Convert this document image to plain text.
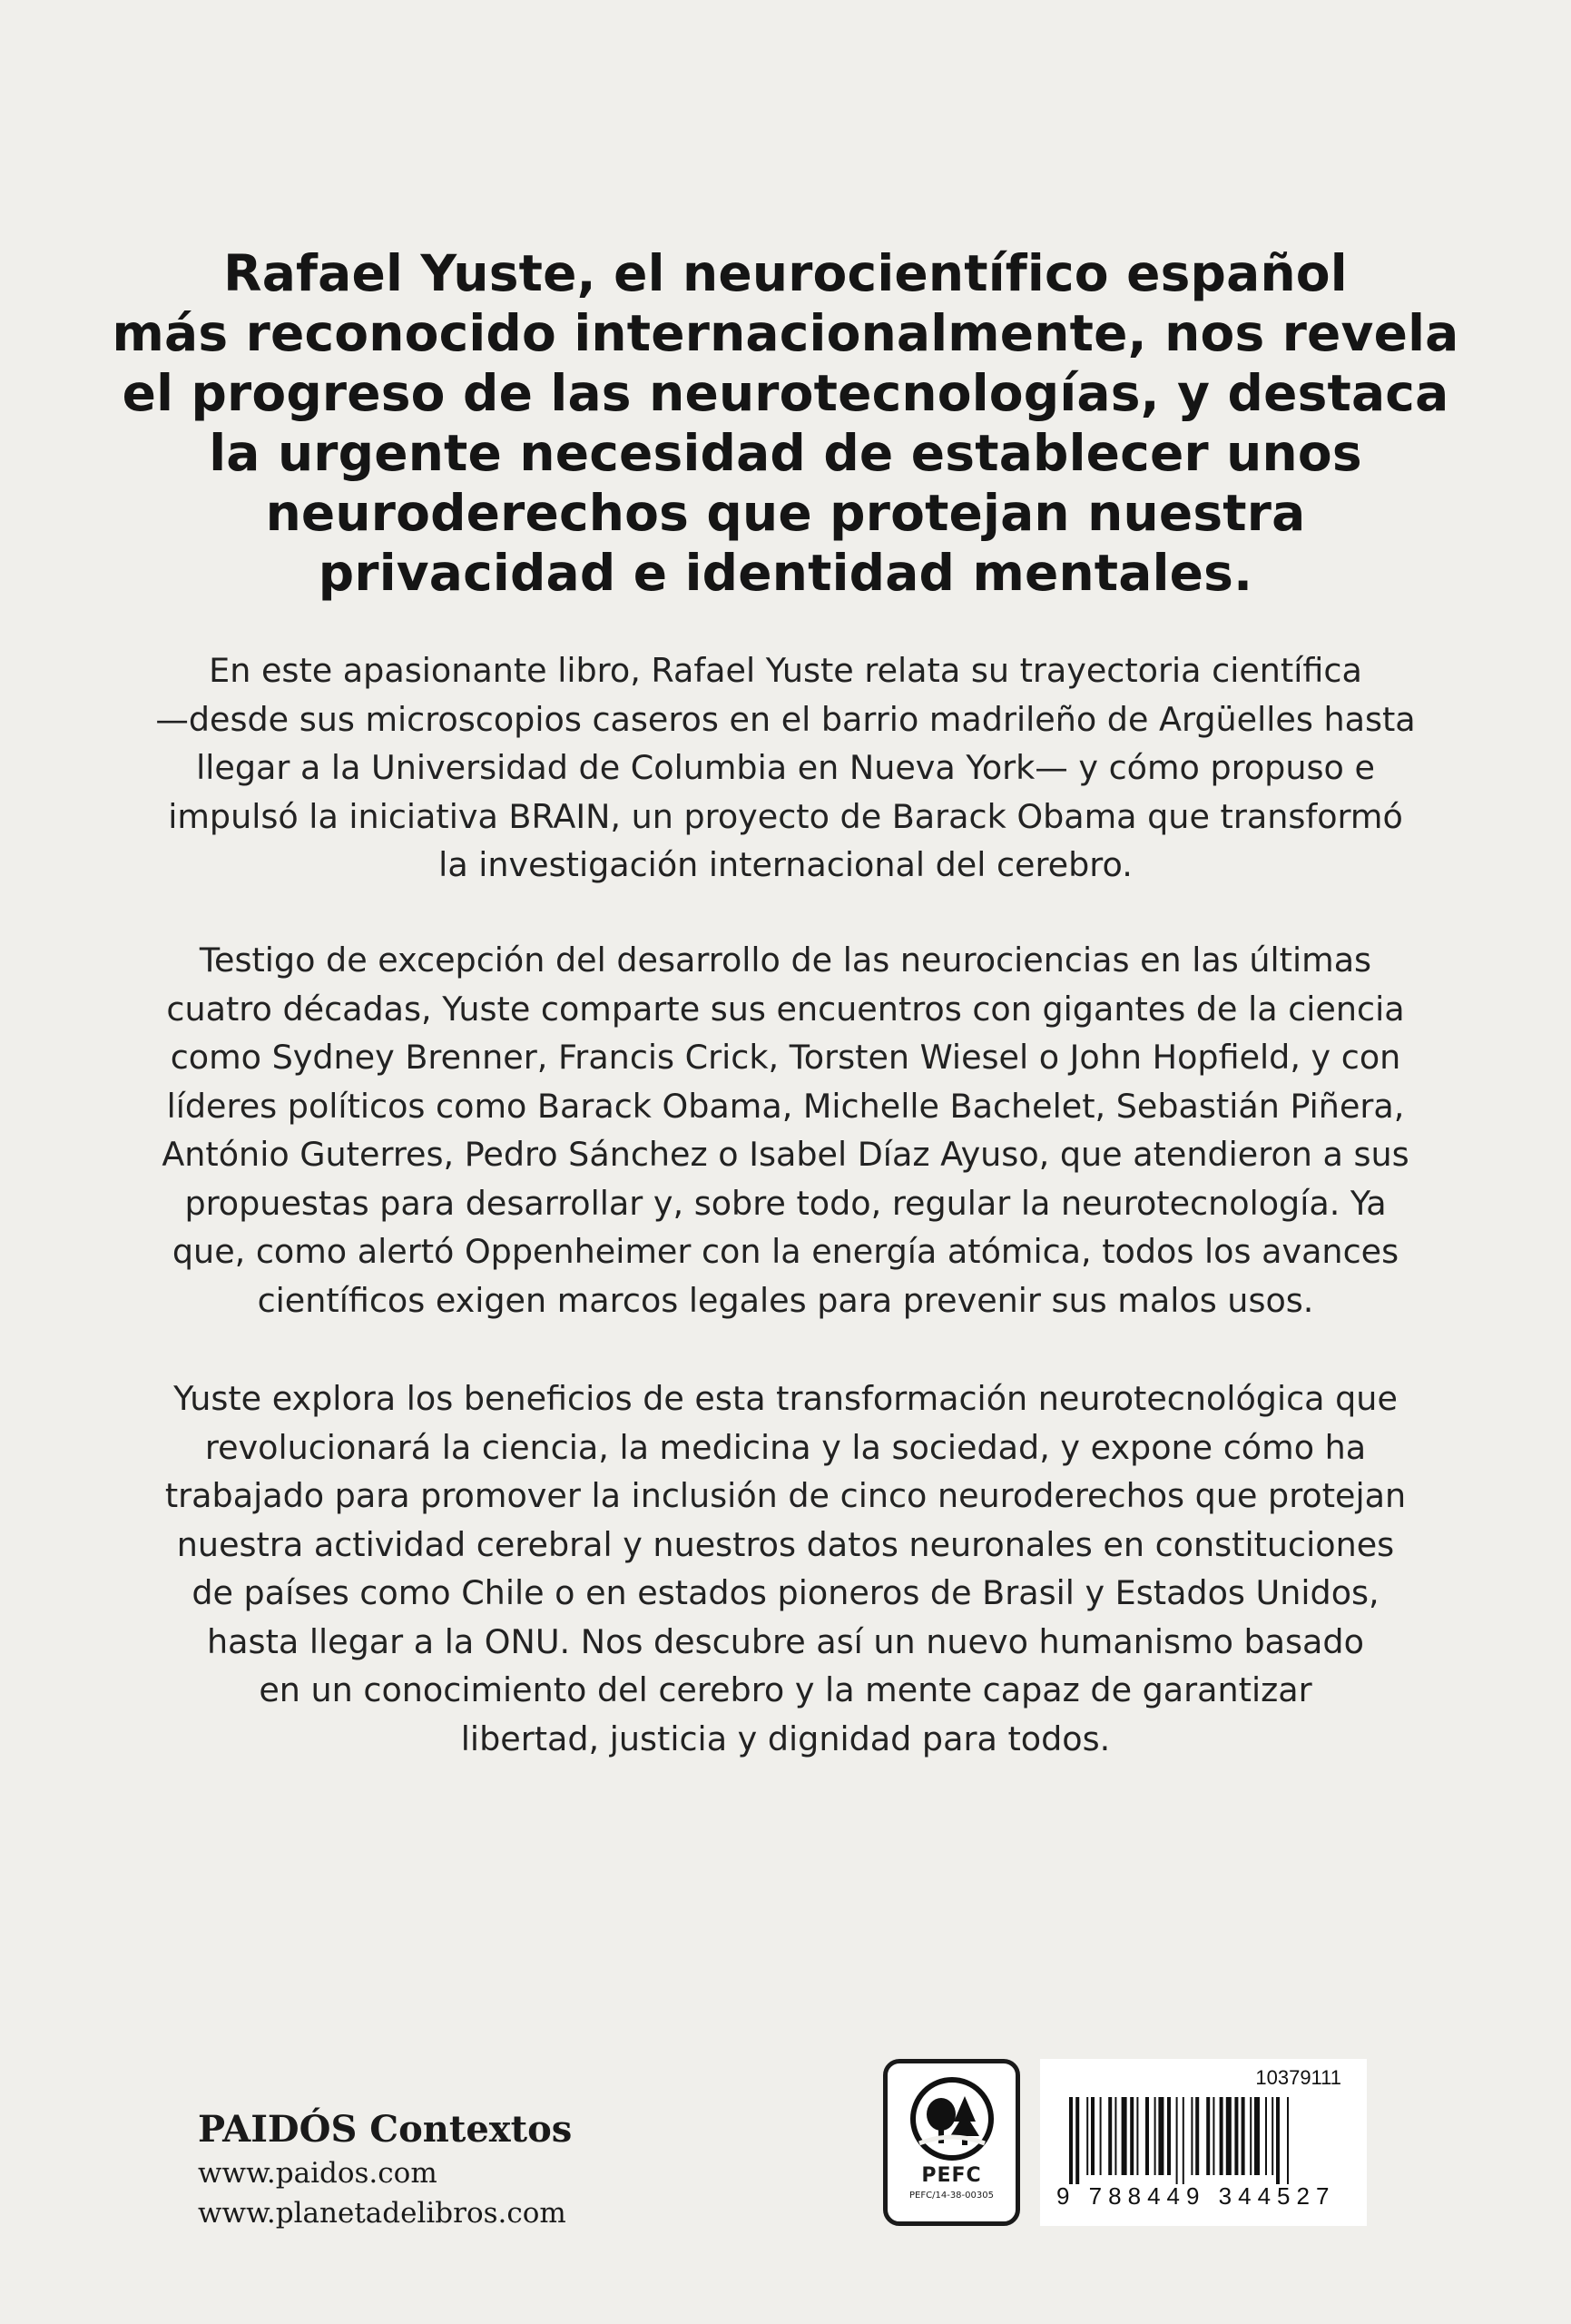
Rafael Yuste, el neurocientífico español
más reconocido internacionalmente, nos revela
el progreso de las neurotecnologías, y destaca
la urgente necesidad de establecer unos
neuroderechos que protejan nuestra
privacidad e identidad mentales.
En este apasionante libro, Rafael Yuste relata su trayectoria científica
—desde sus microscopios caseros en el barrio madrileño de Argüelles hasta
llegar a la Universidad de Columbia en Nueva York— y cómo propuso e
impulsó la iniciativa BRAIN, un proyecto de Barack Obama que transformó
la investigación internacional del cerebro.
Testigo de excepción del desarrollo de las neurociencias en las últimas
cuatro décadas, Yuste comparte sus encuentros con gigantes de la ciencia
como Sydney Brenner, Francis Crick, Torsten Wiesel o John Hopfield, y con
líderes políticos como Barack Obama, Michelle Bachelet, Sebastián Piñera,
António Guterres, Pedro Sánchez o Isabel Díaz Ayuso, que atendieron a sus
propuestas para desarrollar y, sobre todo, regular la neurotecnología. Ya
que, como alertó Oppenheimer con la energía atómica, todos los avances
científicos exigen marcos legales para prevenir sus malos usos.
Yuste explora los beneficios de esta transformación neurotecnológica que
revolucionará la ciencia, la medicina y la sociedad, y expone cómo ha
trabajado para promover la inclusión de cinco neuroderechos que protejan
nuestra actividad cerebral y nuestros datos neuronales en constituciones
de países como Chile o en estados pioneros de Brasil y Estados Unidos,
hasta llegar a la ONU. Nos descubre así un nuevo humanismo basado
en un conocimiento del cerebro y la mente capaz de garantizar
libertad, justicia y dignidad para todos.
PAIDÓS Contextos
www.paidos.com
www.planetadelibros.com
PEFC
PEFC/14-38-00305
10379111
9 788449 344527
